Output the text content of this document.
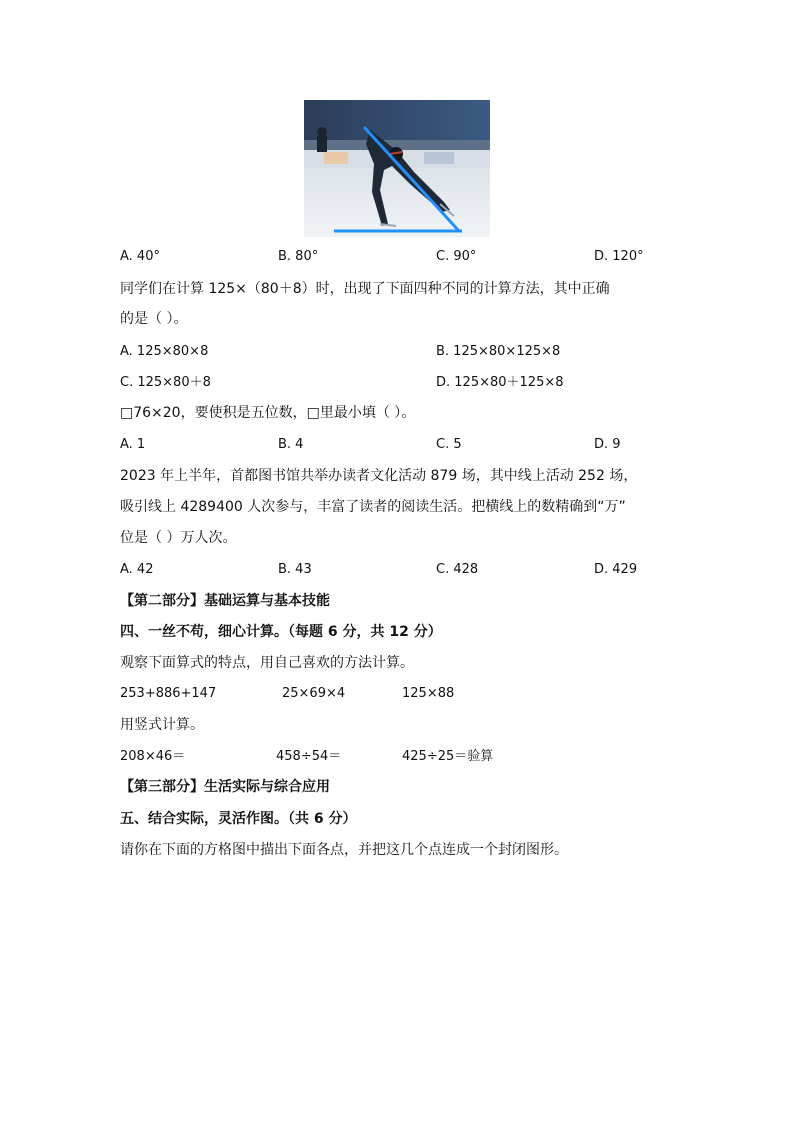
A. 40°	B. 80°	C. 90°	D. 120°
同学们在计算 125×（80＋8）时，出现了下面四种不同的计算方法，其中正确
的是（ ）。
A. 125×80×8	B. 125×80×125×8
C. 125×80＋8	D. 125×80＋125×8
□76×20，要使积是五位数，□里最小填（ ）。
A. 1	B. 4	C. 5	D. 9
2023 年上半年，首都图书馆共举办读者文化活动 879 场，其中线上活动 252 场，
吸引线上 4289400 人次参与，丰富了读者的阅读生活。把横线上的数精确到“万”
位是（ ）万人次。
A. 42	B. 43	C. 428	D. 429
【第二部分】基础运算与基本技能
四、一丝不苟，细心计算。（每题 6 分，共 12 分）
观察下面算式的特点，用自己喜欢的方法计算。
253+886+147	25×69×4	125×88
用竖式计算。
208×46＝	458÷54＝	425÷25＝验算
【第三部分】生活实际与综合应用
五、结合实际，灵活作图。（共 6 分）
请你在下面的方格图中描出下面各点，并把这几个点连成一个封闭图形。
